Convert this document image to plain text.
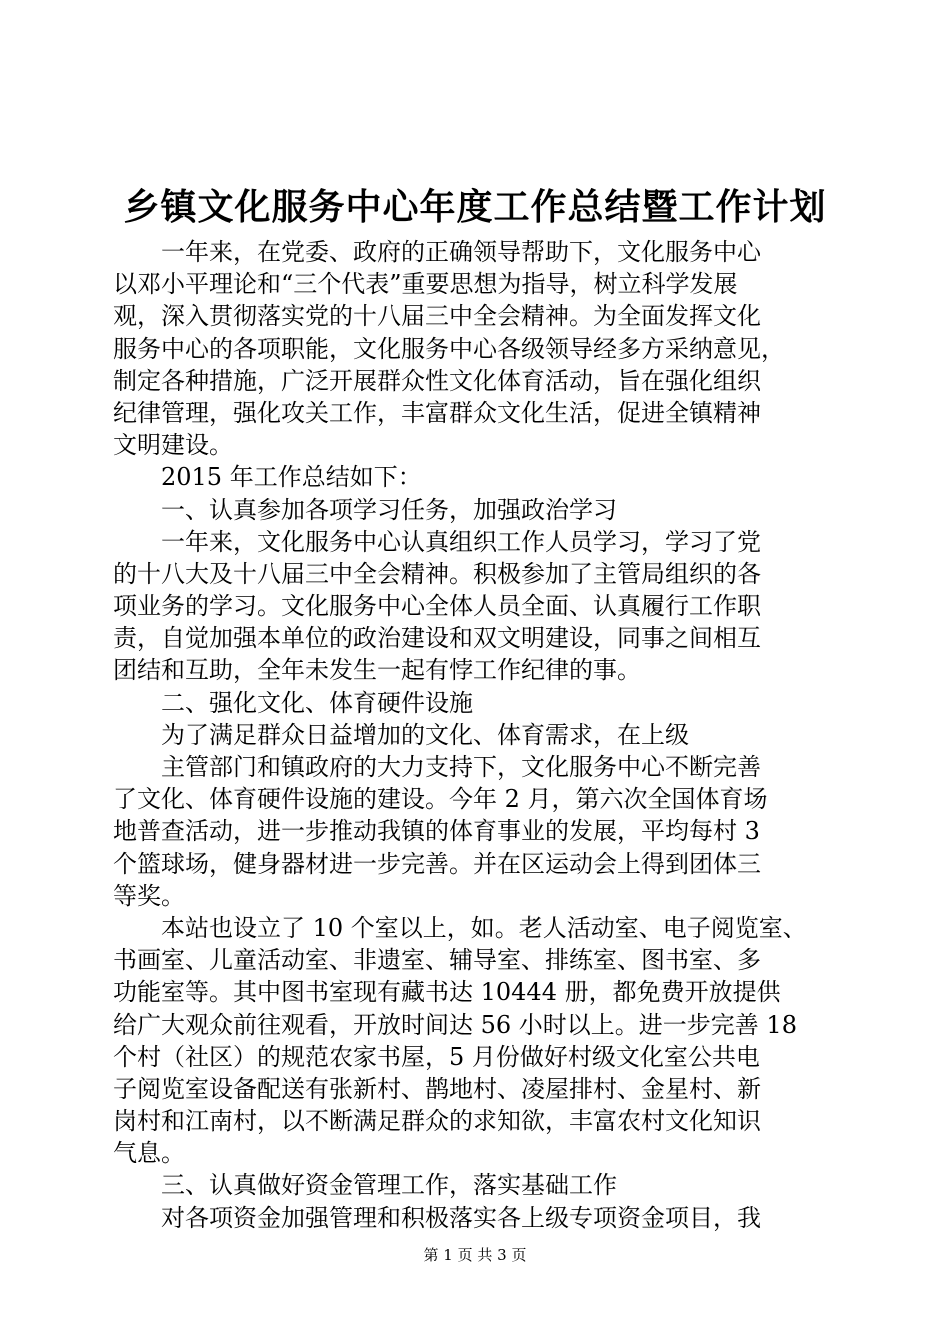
乡镇文化服务中心年度工作总结暨工作计划
　　一年来，在党委、政府的正确领导帮助下，文化服务中心
以邓小平理论和“三个代表”重要思想为指导，树立科学发展
观，深入贯彻落实党的十八届三中全会精神。为全面发挥文化
服务中心的各项职能，文化服务中心各级领导经多方采纳意见，
制定各种措施，广泛开展群众性文化体育活动，旨在强化组织
纪律管理，强化攻关工作，丰富群众文化生活，促进全镇精神
文明建设。
　　2015 年工作总结如下：
　　一、认真参加各项学习任务，加强政治学习
　　一年来，文化服务中心认真组织工作人员学习，学习了党
的十八大及十八届三中全会精神。积极参加了主管局组织的各
项业务的学习。文化服务中心全体人员全面、认真履行工作职
责，自觉加强本单位的政治建设和双文明建设，同事之间相互
团结和互助，全年未发生一起有悖工作纪律的事。
　　二、强化文化、体育硬件设施
　　为了满足群众日益增加的文化、体育需求，在上级
　　主管部门和镇政府的大力支持下，文化服务中心不断完善
了文化、体育硬件设施的建设。今年 2 月，第六次全国体育场
地普查活动，进一步推动我镇的体育事业的发展，平均每村 3
个篮球场，健身器材进一步完善。并在区运动会上得到团体三
等奖。
　　本站也设立了 10 个室以上，如。老人活动室、电子阅览室、
书画室、儿童活动室、非遗室、辅导室、排练室、图书室、多
功能室等。其中图书室现有藏书达 10444 册，都免费开放提供
给广大观众前往观看，开放时间达 56 小时以上。进一步完善 18
个村（社区）的规范农家书屋，5 月份做好村级文化室公共电
子阅览室设备配送有张新村、鹊地村、凌屋排村、金星村、新
岗村和江南村，以不断满足群众的求知欲，丰富农村文化知识
气息。
　　三、认真做好资金管理工作，落实基础工作
　　对各项资金加强管理和积极落实各上级专项资金项目，我
第 1 页 共 3 页
